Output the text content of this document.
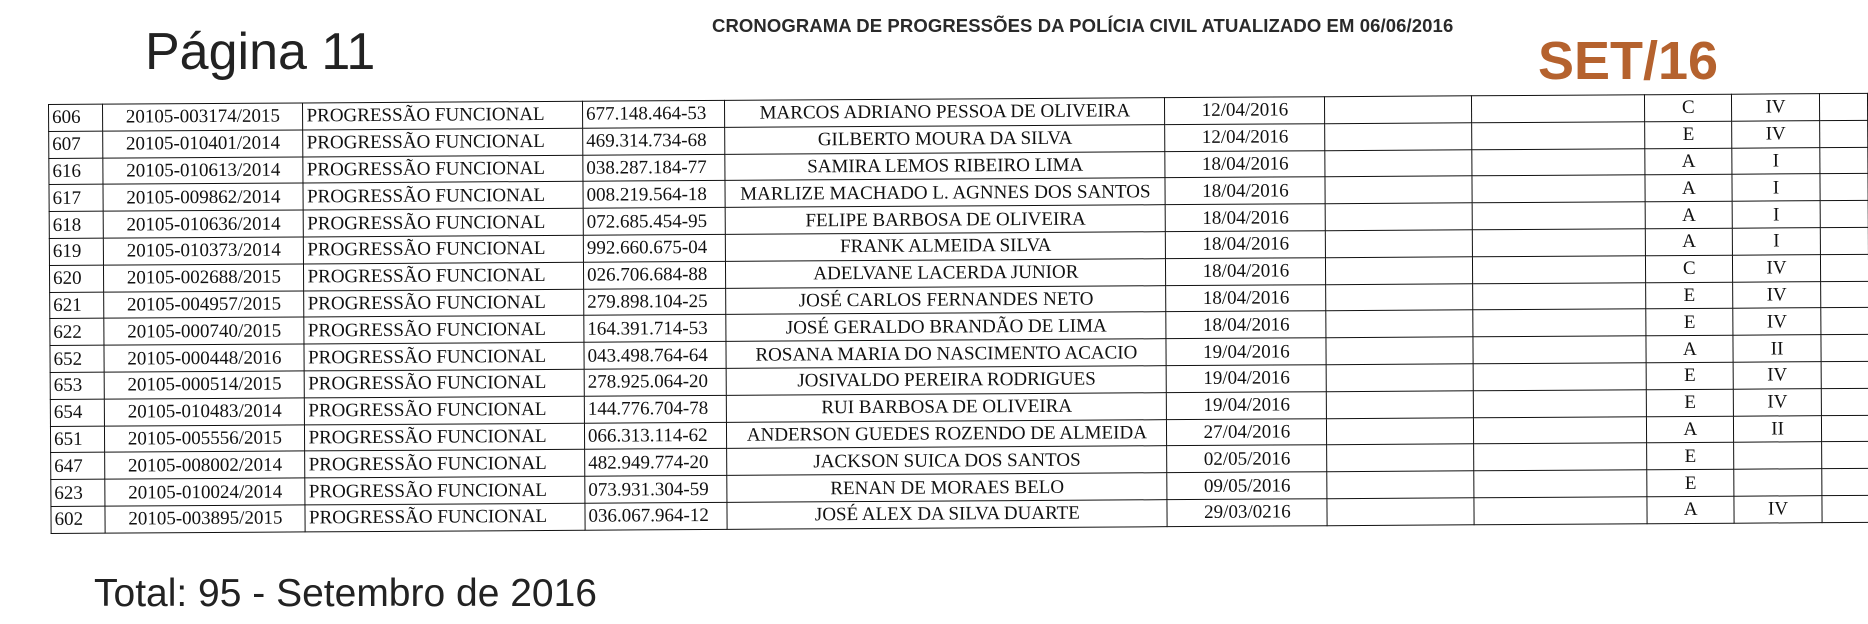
Página 11	CRONOGRAMA DE PROGRESSÕES DA POLÍCIA CIVIL ATUALIZADO EM 06/06/2016
SET/16
606	20105-003174/2015	PROGRESSÃO FUNCIONAL	677.148.464-53	MARCOS ADRIANO PESSOA DE OLIVEIRA	12/04/2016			C	IV	
607	20105-010401/2014	PROGRESSÃO FUNCIONAL	469.314.734-68	GILBERTO MOURA DA SILVA	12/04/2016			E	IV	
616	20105-010613/2014	PROGRESSÃO FUNCIONAL	038.287.184-77	SAMIRA LEMOS RIBEIRO LIMA	18/04/2016			A	I	
617	20105-009862/2014	PROGRESSÃO FUNCIONAL	008.219.564-18	MARLIZE MACHADO L. AGNNES DOS SANTOS	18/04/2016			A	I	
618	20105-010636/2014	PROGRESSÃO FUNCIONAL	072.685.454-95	FELIPE BARBOSA DE OLIVEIRA	18/04/2016			A	I	
619	20105-010373/2014	PROGRESSÃO FUNCIONAL	992.660.675-04	FRANK ALMEIDA SILVA	18/04/2016			A	I	
620	20105-002688/2015	PROGRESSÃO FUNCIONAL	026.706.684-88	ADELVANE LACERDA JUNIOR	18/04/2016			C	IV	
621	20105-004957/2015	PROGRESSÃO FUNCIONAL	279.898.104-25	JOSÉ CARLOS FERNANDES NETO	18/04/2016			E	IV	
622	20105-000740/2015	PROGRESSÃO FUNCIONAL	164.391.714-53	JOSÉ GERALDO BRANDÃO DE LIMA	18/04/2016			E	IV	
652	20105-000448/2016	PROGRESSÃO FUNCIONAL	043.498.764-64	ROSANA MARIA DO NASCIMENTO ACACIO	19/04/2016			A	II	
653	20105-000514/2015	PROGRESSÃO FUNCIONAL	278.925.064-20	JOSIVALDO PEREIRA RODRIGUES	19/04/2016			E	IV	
654	20105-010483/2014	PROGRESSÃO FUNCIONAL	144.776.704-78	RUI BARBOSA DE OLIVEIRA	19/04/2016			E	IV	
651	20105-005556/2015	PROGRESSÃO FUNCIONAL	066.313.114-62	ANDERSON GUEDES ROZENDO DE ALMEIDA	27/04/2016			A	II	
647	20105-008002/2014	PROGRESSÃO FUNCIONAL	482.949.774-20	JACKSON SUICA DOS SANTOS	02/05/2016			E		
623	20105-010024/2014	PROGRESSÃO FUNCIONAL	073.931.304-59	RENAN DE MORAES BELO	09/05/2016			E		
602	20105-003895/2015	PROGRESSÃO FUNCIONAL	036.067.964-12	JOSÉ ALEX DA SILVA DUARTE	29/03/0216			A	IV	
Total: 95 - Setembro de 2016
